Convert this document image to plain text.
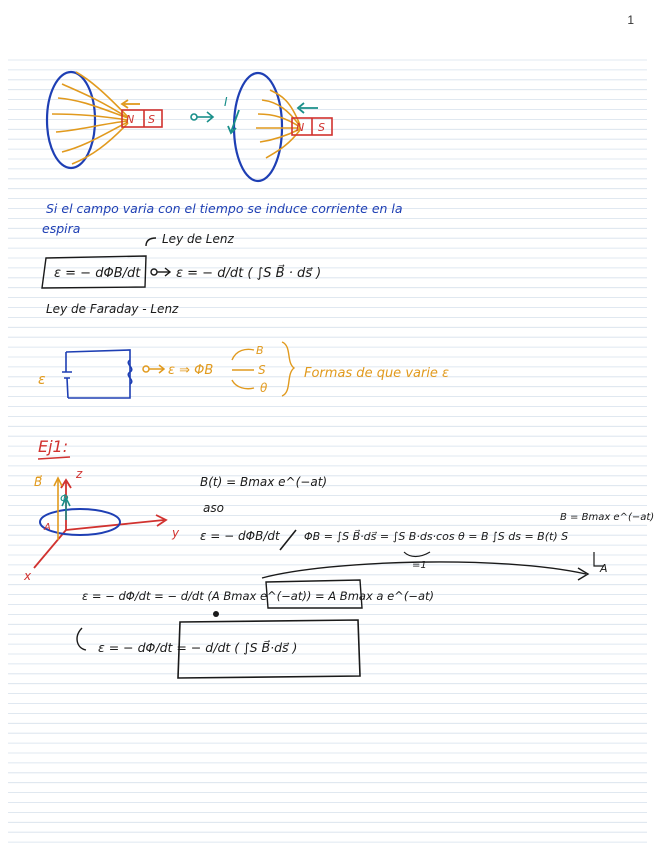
N S
N S
I
Si el campo varia con el tiempo se induce corriente en la
espira
Ley de Lenz
ε = − dΦB/dt	ε = − d/dt ( ∫S B⃗ · ds⃗ )
Ley de Faraday - Lenz
ε
ε ⇒ ΦB
B
S
θ
Formas de que varie ε
Ej1:
z
y
x
B⃗
Φ
A
B(t) = Bmax e^(−at)
aso
ε = − dΦB/dt ΦB = ∫S B⃗·ds⃗ = ∫S B·ds·cos θ = B ∫S ds = B(t) S
=1
B = Bmax e^(−at)
A
ε = − dΦ/dt = − d/dt (A Bmax e^(−at)) = A Bmax a e^(−at)
ε = − dΦ/dt = − d/dt ( ∫S B⃗·ds⃗ )
1
